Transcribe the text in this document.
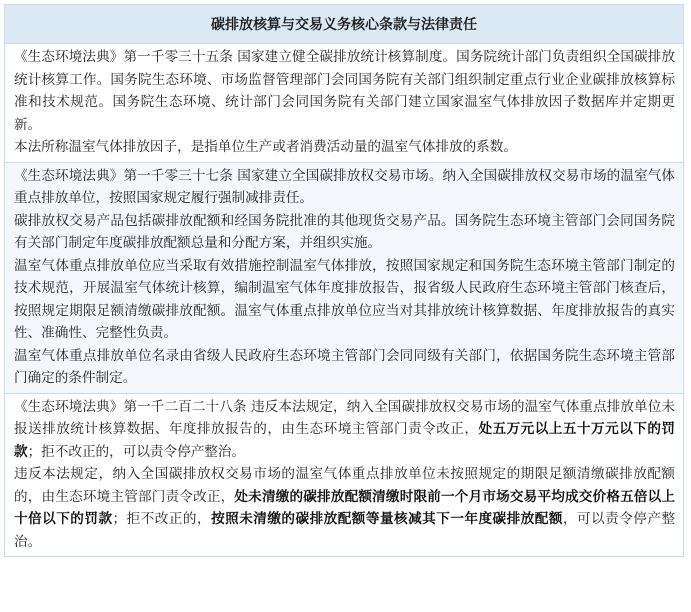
碳排放核算与交易义务核心条款与法律责任

《生态环境法典》第一千零三十五条 国家建立健全碳排放统计核算制度。国务院统计部门负责组织全国碳排放统计核算工作。国务院生态环境、市场监督管理部门会同国务院有关部门组织制定重点行业企业碳排放核算标准和技术规范。国务院生态环境、统计部门会同国务院有关部门建立国家温室气体排放因子数据库并定期更新。

本法所称温室气体排放因子，是指单位生产或者消费活动量的温室气体排放的系数。

《生态环境法典》第一千零三十七条 国家建立全国碳排放权交易市场。纳入全国碳排放权交易市场的温室气体重点排放单位，按照国家规定履行强制减排责任。

碳排放权交易产品包括碳排放配额和经国务院批准的其他现货交易产品。国务院生态环境主管部门会同国务院有关部门制定年度碳排放配额总量和分配方案，并组织实施。

温室气体重点排放单位应当采取有效措施控制温室气体排放，按照国家规定和国务院生态环境主管部门制定的技术规范，开展温室气体统计核算，编制温室气体年度排放报告，报省级人民政府生态环境主管部门核查后，按照规定期限足额清缴碳排放配额。温室气体重点排放单位应当对其排放统计核算数据、年度排放报告的真实性、准确性、完整性负责。

温室气体重点排放单位名录由省级人民政府生态环境主管部门会同同级有关部门，依据国务院生态环境主管部门确定的条件制定。

《生态环境法典》第一千二百二十八条 违反本法规定，纳入全国碳排放权交易市场的温室气体重点排放单位未报送排放统计核算数据、年度排放报告的，由生态环境主管部门责令改正，处五万元以上五十万元以下的罚款；拒不改正的，可以责令停产整治。

违反本法规定，纳入全国碳排放权交易市场的温室气体重点排放单位未按照规定的期限足额清缴碳排放配额的，由生态环境主管部门责令改正，处未清缴的碳排放配额清缴时限前一个月市场交易平均成交价格五倍以上十倍以下的罚款；拒不改正的，按照未清缴的碳排放配额等量核减其下一年度碳排放配额，可以责令停产整治。
